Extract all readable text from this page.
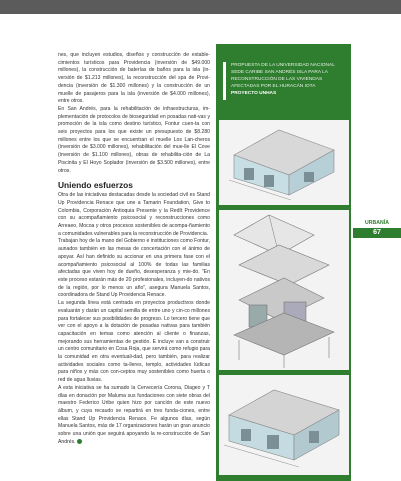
nes, que incluyen estudios, diseños y construcción de estable-cimientos turísticos para Providencia (inversión de $49.000 millones), la construcción de baterías de baños para la isla (in-versión de $1.213 millones), la reconstrucción del spa de Provi-dencia (inversión de $1.300 millones) y la construcción de un muelle de pasajeros para la isla (inversión de $4.000 millones), entre otros.

En San Andrés, para la rehabilitación de infraestructuras, im-plementación de protocolos de bioseguridad en posadas nati-vas y promoción de la isla como destino turístico, Fontur cuen-ta con seis proyectos para los que existe un presupuesto de $8.280 millones entre los que se encuentran el muelle Los Lan-cheros (inversión de $3.000 millones), rehabilitación del mue-lle El Cove (inversión de $1.100 millones), obras de rehabilita-ción de La Piscinita y El Hoyo Soplador (inversión de $3.500 millones), entre otros.

Uniendo esfuerzos

Otra de las iniciativas destacadas desde la sociedad civil es Stand Up Providencia Renace que une a Tamarin Foundation, Give to Colombia, Corporación Antioquia Presente y la RedIt Providence con su acompañamiento psicosocial y reconstrucciones como Arreaeo, Mocoa y otros procesos sostenibles de acompa-ñamiento a comunidades vulnerables para la reconstrucción de Providencia.

Trabajan hoy de la mano del Gobierno e instituciones como Fontur, aunados también en las mesas de concertación con el ánimo de apoyar. Así han definido su accionar en una primera fase con el acompañamiento psicosocial al 100% de todas las familias afectadas que viven hoy de dueño, desesperanza y mie-do. "En este proceso estarán más de 20 profesionales, incluyen-do nativos de la región, por lo menos un año", asegura Manuela Santos, coordinadora de Stand Up Providencia Renace.

La segunda línea está centrada en proyectos productivos donde evaluarán y darán un capital semilla de entre uno y cin-co millones para fortalecer sus posibilidades de progreso. Lo tercero tiene que ver con el apoyo a la dotación de posadas nativas para también capacitación en temas como atención al cliente o finanzas, mejorando sus herramientas de gestión. E incluye van a construir un centro comunitario en Cosa Roja, que servirá como refugio para la comunidad en otra eventuali-dad, pero también, para realizar actividades sociales como ta-lleres, templo, actividades lúdicas para niños y más con con-ceptos muy sostenibles como huerta o red de agua lluvias.

A esta iniciativa se ha sumado la Cervecería Corona, Diageo y T dlas en donación por Maluma sus fundaciones con siete obras del maestro Federico Uribe quien hizo por canción de este nuevo álbum, y cuya recaudo se repartirá en tres funda-ciones, entre ellas Stand Up Providencia Renace. Fe algunos días, según Manuela Santos, más de 17 organizaciones harán un gran anuncio sobre una unión que seguirá apoyando la re-construcción de San Andrés.

PROPUESTA DE LA UNIVERSIDAD NACIONAL
SEDE CARIBE SAN ANDRÉS ISLA PARA LA
RECONSTRUCCIÓN DE LAS VIVIENDAS
AFECTADAS POR EL HURACÁN IOTA
PROYECTO UNHAS
URBANÍA
67
